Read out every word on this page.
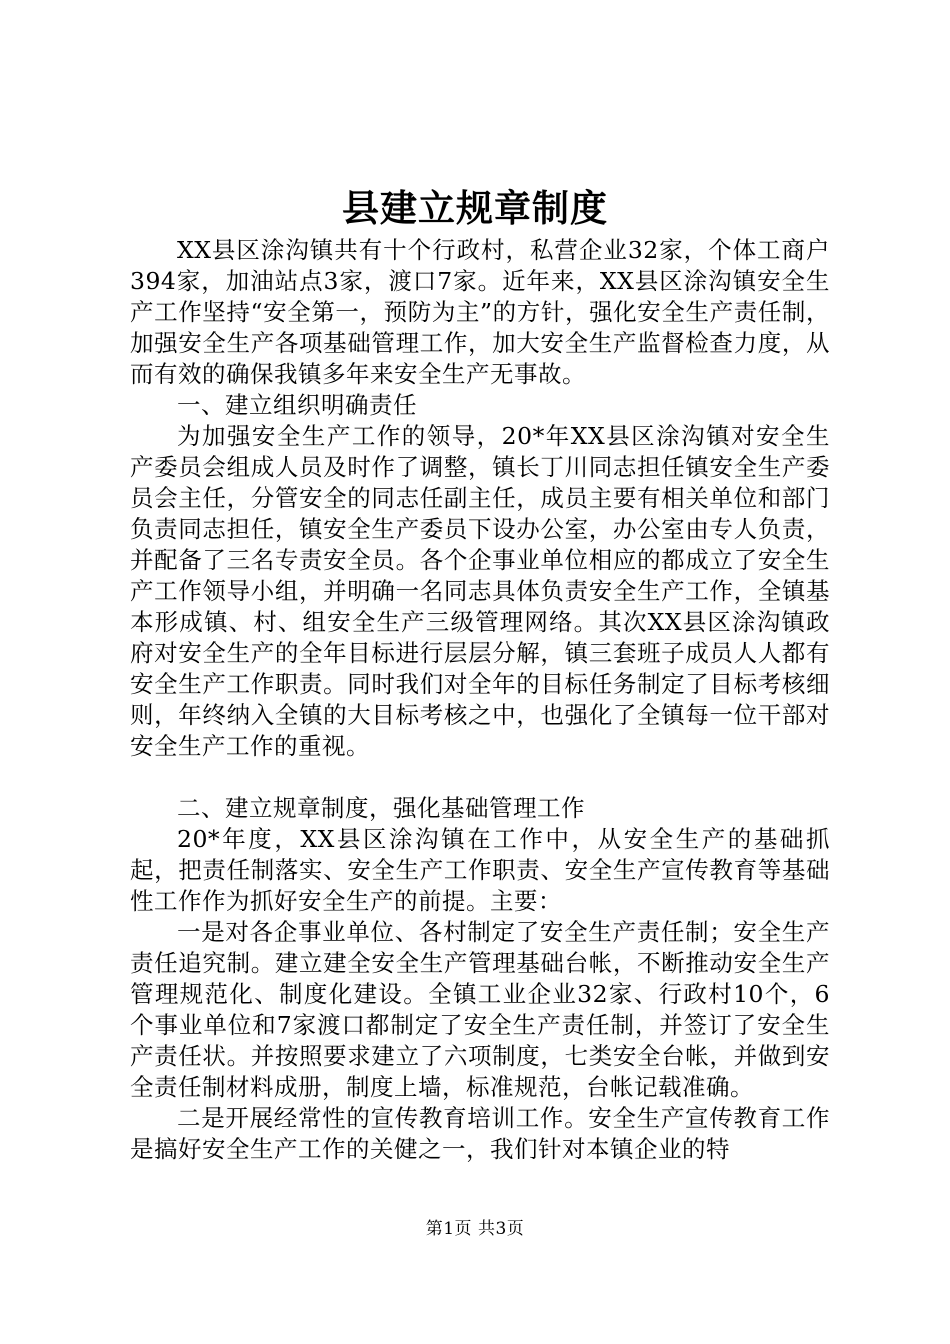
县建立规章制度

XX县区涂沟镇共有十个行政村，私营企业32家，个体工商户394家，加油站点3家，渡口7家。近年来，XX县区涂沟镇安全生产工作坚持“安全第一，预防为主”的方针，强化安全生产责任制，加强安全生产各项基础管理工作，加大安全生产监督检查力度，从而有效的确保我镇多年来安全生产无事故。

一、建立组织明确责任

为加强安全生产工作的领导，20*年XX县区涂沟镇对安全生产委员会组成人员及时作了调整，镇长丁川同志担任镇安全生产委员会主任，分管安全的同志任副主任，成员主要有相关单位和部门负责同志担任，镇安全生产委员下设办公室，办公室由专人负责，并配备了三名专责安全员。各个企事业单位相应的都成立了安全生产工作领导小组，并明确一名同志具体负责安全生产工作，全镇基本形成镇、村、组安全生产三级管理网络。其次XX县区涂沟镇政府对安全生产的全年目标进行层层分解，镇三套班子成员人人都有安全生产工作职责。同时我们对全年的目标任务制定了目标考核细则，年终纳入全镇的大目标考核之中，也强化了全镇每一位干部对安全生产工作的重视。

二、建立规章制度，强化基础管理工作

20*年度，XX县区涂沟镇在工作中，从安全生产的基础抓起，把责任制落实、安全生产工作职责、安全生产宣传教育等基础性工作作为抓好安全生产的前提。主要：

一是对各企事业单位、各村制定了安全生产责任制；安全生产责任追究制。建立建全安全生产管理基础台帐，不断推动安全生产管理规范化、制度化建设。全镇工业企业32家、行政村10个，6个事业单位和7家渡口都制定了安全生产责任制，并签订了安全生产责任状。并按照要求建立了六项制度，七类安全台帐，并做到安全责任制材料成册，制度上墙，标准规范，台帐记载准确。

二是开展经常性的宣传教育培训工作。安全生产宣传教育工作是搞好安全生产工作的关健之一，我们针对本镇企业的特

第1页 共3页
